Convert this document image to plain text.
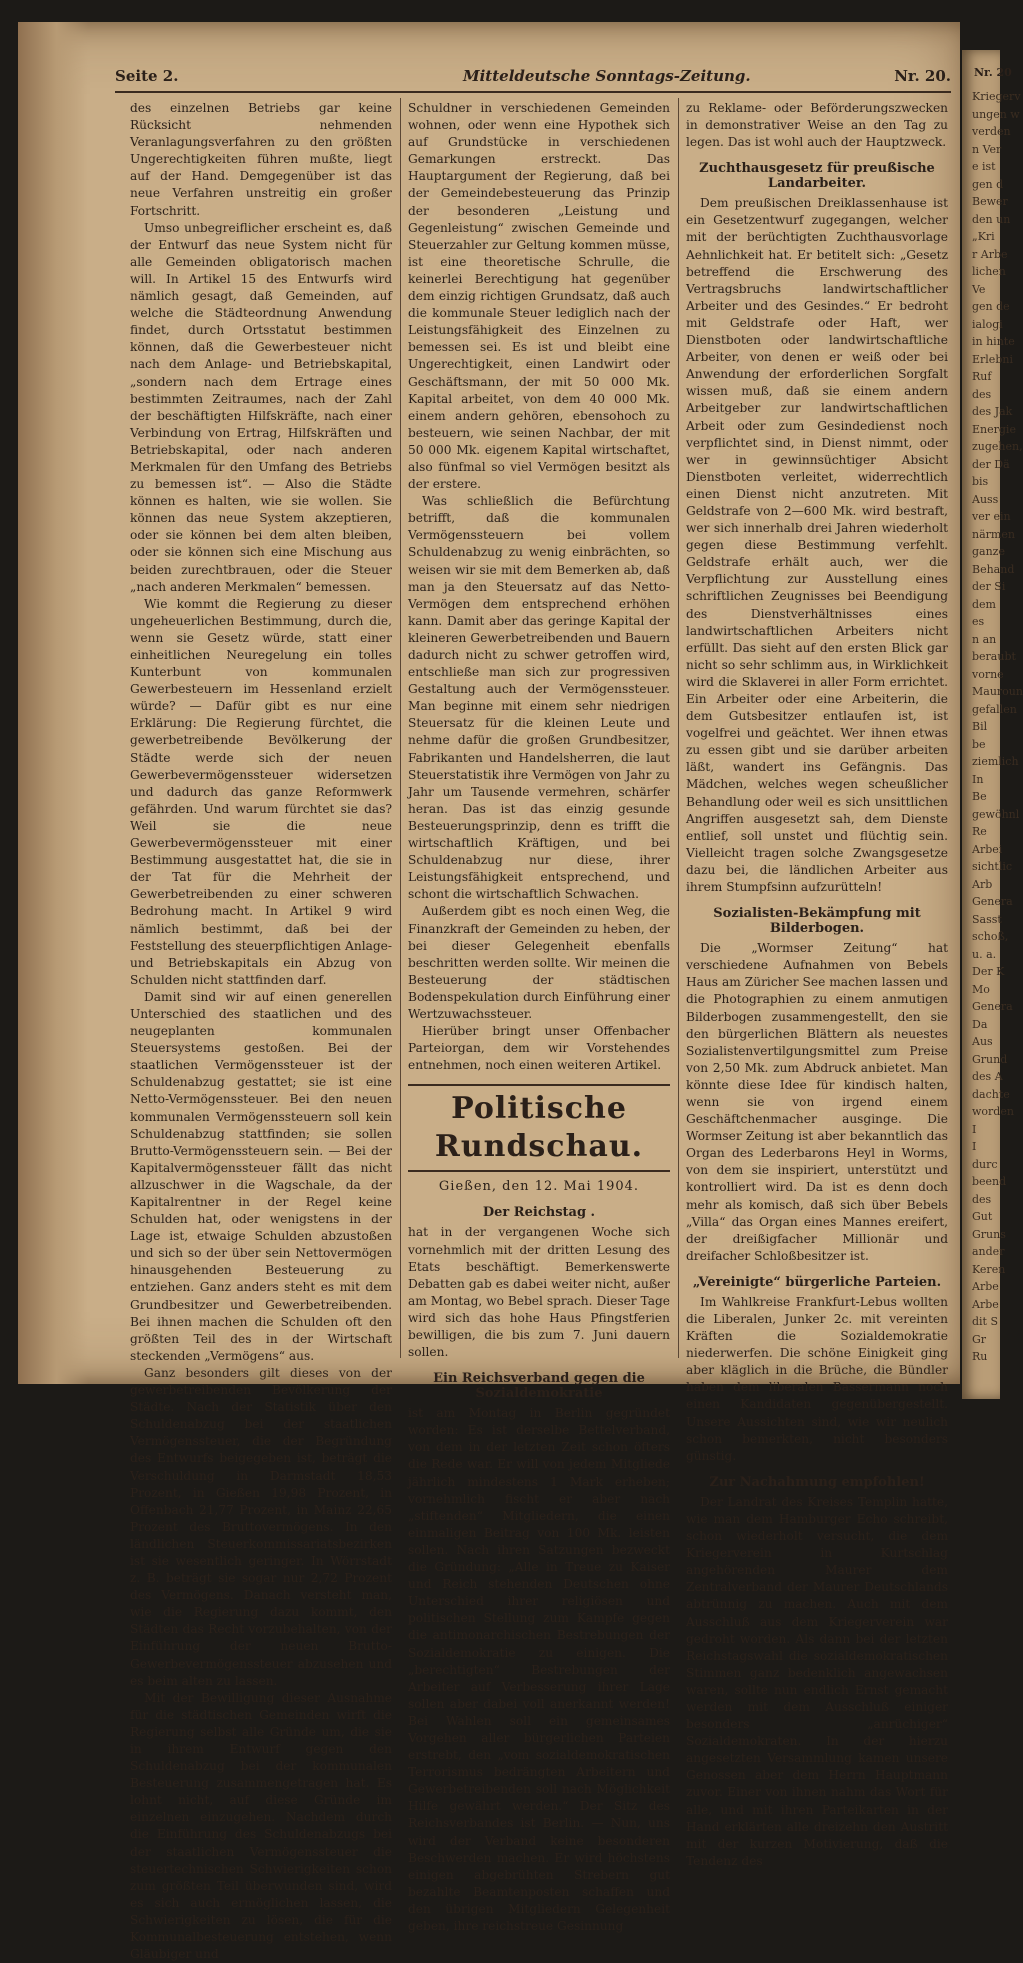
Seite 2.	Mitteldeutsche Sonntags-Zeitung.	Nr. 20.

des einzelnen Betriebs gar keine Rücksicht nehmenden Veranlagungsverfahren zu den größten Ungerechtigkeiten führen mußte, liegt auf der Hand. Demgegenüber ist das neue Verfahren unstreitig ein großer Fortschritt.

Umso unbegreiflicher erscheint es, daß der Entwurf das neue System nicht für alle Gemeinden obligatorisch machen will. In Artikel 15 des Entwurfs wird nämlich gesagt, daß Gemeinden, auf welche die Städteordnung Anwendung findet, durch Ortsstatut bestimmen können, daß die Gewerbesteuer nicht nach dem Anlage- und Betriebskapital, „sondern nach dem Ertrage eines bestimmten Zeitraumes, nach der Zahl der beschäftigten Hilfskräfte, nach einer Verbindung von Ertrag, Hilfskräften und Betriebskapital, oder nach anderen Merkmalen für den Umfang des Betriebs zu bemessen ist“. — Also die Städte können es halten, wie sie wollen. Sie können das neue System akzeptieren, oder sie können bei dem alten bleiben, oder sie können sich eine Mischung aus beiden zurechtbrauen, oder die Steuer „nach anderen Merkmalen“ bemessen.

Wie kommt die Regierung zu dieser ungeheuerlichen Bestimmung, durch die, wenn sie Gesetz würde, statt einer einheitlichen Neuregelung ein tolles Kunterbunt von kommunalen Gewerbesteuern im Hessenland erzielt würde? — Dafür gibt es nur eine Erklärung: Die Regierung fürchtet, die gewerbetreibende Bevölkerung der Städte werde sich der neuen Gewerbevermögenssteuer widersetzen und dadurch das ganze Reformwerk gefährden. Und warum fürchtet sie das? Weil sie die neue Gewerbevermögenssteuer mit einer Bestimmung ausgestattet hat, die sie in der Tat für die Mehrheit der Gewerbetreibenden zu einer schweren Bedrohung macht. In Artikel 9 wird nämlich bestimmt, daß bei der Feststellung des steuerpflichtigen Anlage- und Betriebskapitals ein Abzug von Schulden nicht stattfinden darf.

Damit sind wir auf einen generellen Unterschied des staatlichen und des neugeplanten kommunalen Steuersystems gestoßen. Bei der staatlichen Vermögenssteuer ist der Schuldenabzug gestattet; sie ist eine Netto-Vermögenssteuer. Bei den neuen kommunalen Vermögenssteuern soll kein Schuldenabzug stattfinden; sie sollen Brutto-Vermögenssteuern sein. — Bei der Kapitalvermögenssteuer fällt das nicht allzuschwer in die Wagschale, da der Kapitalrentner in der Regel keine Schulden hat, oder wenigstens in der Lage ist, etwaige Schulden abzustoßen und sich so der über sein Nettovermögen hinausgehenden Besteuerung zu entziehen. Ganz anders steht es mit dem Grundbesitzer und Gewerbetreibenden. Bei ihnen machen die Schulden oft den größten Teil des in der Wirtschaft steckenden „Vermögens“ aus.

Ganz besonders gilt dieses von der gewerbetreibenden Bevölkerung der Städte. Nach der Statistik über den Schuldenabzug bei der staatlichen Vermögenssteuer, die der Begründung des Entwurfs beigegeben ist, beträgt die Verschuldung in Darmstadt 18,53 Prozent, in Gießen 19,98 Prozent, in Offenbach 21,77 Prozent, in Mainz 22,65 Prozent des Bruttovermögens. In den ländlichen Steuerkommissariatsbezirken ist sie wesentlich geringer. In Wörrstadt z. B. beträgt sie sogar nur 2,72 Prozent des Vermögens. Danach versteht man, wie die Regierung dazu kommt, den Städten das Recht vorzubehalten, von der Einführung der neuen Brutto-Gewerbevermögenssteuer abzusehen und es beim alten zu lassen.

Mit der Bewilligung dieser Ausnahme für die städtischen Gemeinden wirft die Regierung selbst alle Gründe um, die sie in ihrem Entwurf gegen den Schuldenabzug bei der kommunalen Besteuerung zusammengetragen hat. Es lohnt nicht, auf diese Gründe im einzelnen einzugehen. Nachdem durch die Einführung des Schuldenabzugs bei der staatlichen Vermögenssteuer die steuertechnischen Schwierigkeiten schon zum größten Teil überwunden sind, wird es sich auch ermöglichen lassen, die Schwierigkeiten zu lösen, die für die Kommunalbesteuerung entstehen, wenn Gläubiger und

Schuldner in verschiedenen Gemeinden wohnen, oder wenn eine Hypothek sich auf Grundstücke in verschiedenen Gemarkungen erstreckt. Das Hauptargument der Regierung, daß bei der Gemeindebesteuerung das Prinzip der besonderen „Leistung und Gegenleistung“ zwischen Gemeinde und Steuerzahler zur Geltung kommen müsse, ist eine theoretische Schrulle, die keinerlei Berechtigung hat gegenüber dem einzig richtigen Grundsatz, daß auch die kommunale Steuer lediglich nach der Leistungsfähigkeit des Einzelnen zu bemessen sei. Es ist und bleibt eine Ungerechtigkeit, einen Landwirt oder Geschäftsmann, der mit 50 000 Mk. Kapital arbeitet, von dem 40 000 Mk. einem andern gehören, ebensohoch zu besteuern, wie seinen Nachbar, der mit 50 000 Mk. eigenem Kapital wirtschaftet, also fünfmal so viel Vermögen besitzt als der erstere.

Was schließlich die Befürchtung betrifft, daß die kommunalen Vermögenssteuern bei vollem Schuldenabzug zu wenig einbrächten, so weisen wir sie mit dem Bemerken ab, daß man ja den Steuersatz auf das Netto-Vermögen dem entsprechend erhöhen kann. Damit aber das geringe Kapital der kleineren Gewerbetreibenden und Bauern dadurch nicht zu schwer getroffen wird, entschließe man sich zur progressiven Gestaltung auch der Vermögenssteuer. Man beginne mit einem sehr niedrigen Steuersatz für die kleinen Leute und nehme dafür die großen Grundbesitzer, Fabrikanten und Handelsherren, die laut Steuerstatistik ihre Vermögen von Jahr zu Jahr um Tausende vermehren, schärfer heran. Das ist das einzig gesunde Besteuerungsprinzip, denn es trifft die wirtschaftlich Kräftigen, und bei Schuldenabzug nur diese, ihrer Leistungsfähigkeit entsprechend, und schont die wirtschaftlich Schwachen.

Außerdem gibt es noch einen Weg, die Finanzkraft der Gemeinden zu heben, der bei dieser Gelegenheit ebenfalls beschritten werden sollte. Wir meinen die Besteuerung der städtischen Bodenspekulation durch Einführung einer Wertzuwachssteuer.

Hierüber bringt unser Offenbacher Parteiorgan, dem wir Vorstehendes entnehmen, noch einen weiteren Artikel.

Politische Rundschau.
Gießen, den 12. Mai 1904.
Der Reichstag .

hat in der vergangenen Woche sich vornehmlich mit der dritten Lesung des Etats beschäftigt. Bemerkenswerte Debatten gab es dabei weiter nicht, außer am Montag, wo Bebel sprach. Dieser Tage wird sich das hohe Haus Pfingstferien bewilligen, die bis zum 7. Juni dauern sollen.

Ein Reichsverband gegen die Sozialdemokratie

ist am Montag in Berlin gegründet worden: Es ist derselbe Bettelverband, von dem in der letzten Zeit schon öfters die Rede war. Er will von jedem Mitgliede jährlich mindestens 1 Mark erheben; vornehmlich fischt er aber nach „stiftenden“ Mitgliedern, die einen einmaligen Beitrag von 100 Mk. leisten sollen. Nach ihren Satzungen bezweckt die Gründung: „Alle in Treue zu Kaiser und Reich stehenden Deutschen ohne Unterschied ihrer religiösen und politischen Stellung zum Kampfe gegen die antimonarchischen Bestrebungen der Sozialdemokratie zu einigen. Die „berechtigten“ Bestrebungen der Arbeiter auf Verbesserung ihrer Lage sollen aber dabei voll anerkannt werden! Bei Wahlen soll ein gemeinsames Vorgehen aller bürgerlichen Parteien erstrebt, den „vom sozialdemokratischen Terrorismus bedrängten Arbeitern und Gewerbetreibenden soll nach Möglichkeit Hilfe gewährt werden.“ Der Sitz des Reichsverbandes ist Berlin. — Nun, uns wird der Verband keine besonderen Beschwerden machen. Er wird höchstens einigen abgebrühten Strebern gut bezahlte Beamtenposten schaffen und den übrigen Mitgliedern Gelegenheit geben, ihre reichstreue Gesinnung

zu Reklame- oder Beförderungszwecken in demonstrativer Weise an den Tag zu legen. Das ist wohl auch der Hauptzweck.

Zuchthausgesetz für preußische Landarbeiter.

Dem preußischen Dreiklassenhause ist ein Gesetzentwurf zugegangen, welcher mit der berüchtigten Zuchthausvorlage Aehnlichkeit hat. Er betitelt sich: „Gesetz betreffend die Erschwerung des Vertragsbruchs landwirtschaftlicher Arbeiter und des Gesindes.“ Er bedroht mit Geldstrafe oder Haft, wer Dienstboten oder landwirtschaftliche Arbeiter, von denen er weiß oder bei Anwendung der erforderlichen Sorgfalt wissen muß, daß sie einem andern Arbeitgeber zur landwirtschaftlichen Arbeit oder zum Gesindedienst noch verpflichtet sind, in Dienst nimmt, oder wer in gewinnsüchtiger Absicht Dienstboten verleitet, widerrechtlich einen Dienst nicht anzutreten. Mit Geldstrafe von 2—600 Mk. wird bestraft, wer sich innerhalb drei Jahren wiederholt gegen diese Bestimmung verfehlt. Geldstrafe erhält auch, wer die Verpflichtung zur Ausstellung eines schriftlichen Zeugnisses bei Beendigung des Dienstverhältnisses eines landwirtschaftlichen Arbeiters nicht erfüllt. Das sieht auf den ersten Blick gar nicht so sehr schlimm aus, in Wirklichkeit wird die Sklaverei in aller Form errichtet. Ein Arbeiter oder eine Arbeiterin, die dem Gutsbesitzer entlaufen ist, ist vogelfrei und geächtet. Wer ihnen etwas zu essen gibt und sie darüber arbeiten läßt, wandert ins Gefängnis. Das Mädchen, welches wegen scheußlicher Behandlung oder weil es sich unsittlichen Angriffen ausgesetzt sah, dem Dienste entlief, soll unstet und flüchtig sein. Vielleicht tragen solche Zwangsgesetze dazu bei, die ländlichen Arbeiter aus ihrem Stumpfsinn aufzurütteln!

Sozialisten-Bekämpfung mit Bilderbogen.

Die „Wormser Zeitung“ hat verschiedene Aufnahmen von Bebels Haus am Züricher See machen lassen und die Photographien zu einem anmutigen Bilderbogen zusammengestellt, den sie den bürgerlichen Blättern als neuestes Sozialistenvertilgungsmittel zum Preise von 2,50 Mk. zum Abdruck anbietet. Man könnte diese Idee für kindisch halten, wenn sie von irgend einem Geschäftchenmacher ausginge. Die Wormser Zeitung ist aber bekanntlich das Organ des Lederbarons Heyl in Worms, von dem sie inspiriert, unterstützt und kontrolliert wird. Da ist es denn doch mehr als komisch, daß sich über Bebels „Villa“ das Organ eines Mannes ereifert, der dreißigfacher Millionär und dreifacher Schloßbesitzer ist.

„Vereinigte“ bürgerliche Parteien.

Im Wahlkreise Frankfurt-Lebus wollten die Liberalen, Junker 2c. mit vereinten Kräften die Sozialdemokratie niederwerfen. Die schöne Einigkeit ging aber kläglich in die Brüche, die Bündler haben dem liberalen Bassermann noch einen Kandidaten gegenübergestellt. Unsere Aussichten sind, wie wir neulich schon bemerkten, nicht besonders günstig.

Zur Nachahmung empfohlen!

Der Landrat des Kreises Templin hatte, wie man dem Hamburger Echo schreibt, schon wiederholt versucht, die dem Kriegerverein in Kurtschlag angehörenden Maurer dem Zentralverband der Maurer Deutschlands abtrünnig zu machen. Auch mit dem Ausschluß aus dem Kriegerverein war gedroht worden. Als dann bei der letzten Reichstagswahl die sozialdemokratischen Stimmen ganz bedenklich angewachsen waren, sollte nun endlich Ernst gemacht werden mit dem Ausschluß einiger besonders „anrüchiger“ Sozialdemokraten. In der hierzu angesetzten Versammlung kamen unsere Genossen aber dem Herrn Hauptmann zuvor. Einer von ihnen nahm das Wort für alle, und mit ihren Parteikarten in der Hand erklärten alle dreizehn den Austritt mit der kurzen Motivierung, daß die Tendenz des

Nr. 20
Kriegerv
ungen w
verden
n Ver
e ist
gen d
Bewer
den un
„Kri
r Arbe
lichen
Ve
gen de
ialogi
in hinte
Erlebni
Ruf
des
des Jak
Energie
zugehen,
der Dä
bis
Auss
ver ein
närmen
ganze
Behand
der Si
dem
es
n an
beraubt
vorne
Mauroun
gefallen
Bil
be
ziemlich
In
Be
gewöhnl
Re
Arbei
sichtlic
Arb
Genera
Sasst
schoß,
u. a.
Der K
Mo
Genera
Da
Aus
Grund
des A
dachte
worden
I
I
durc
beend
des
Gut
Gruns
ander
Keren
Arbe
Arbe
dit S
Gr
Ru
